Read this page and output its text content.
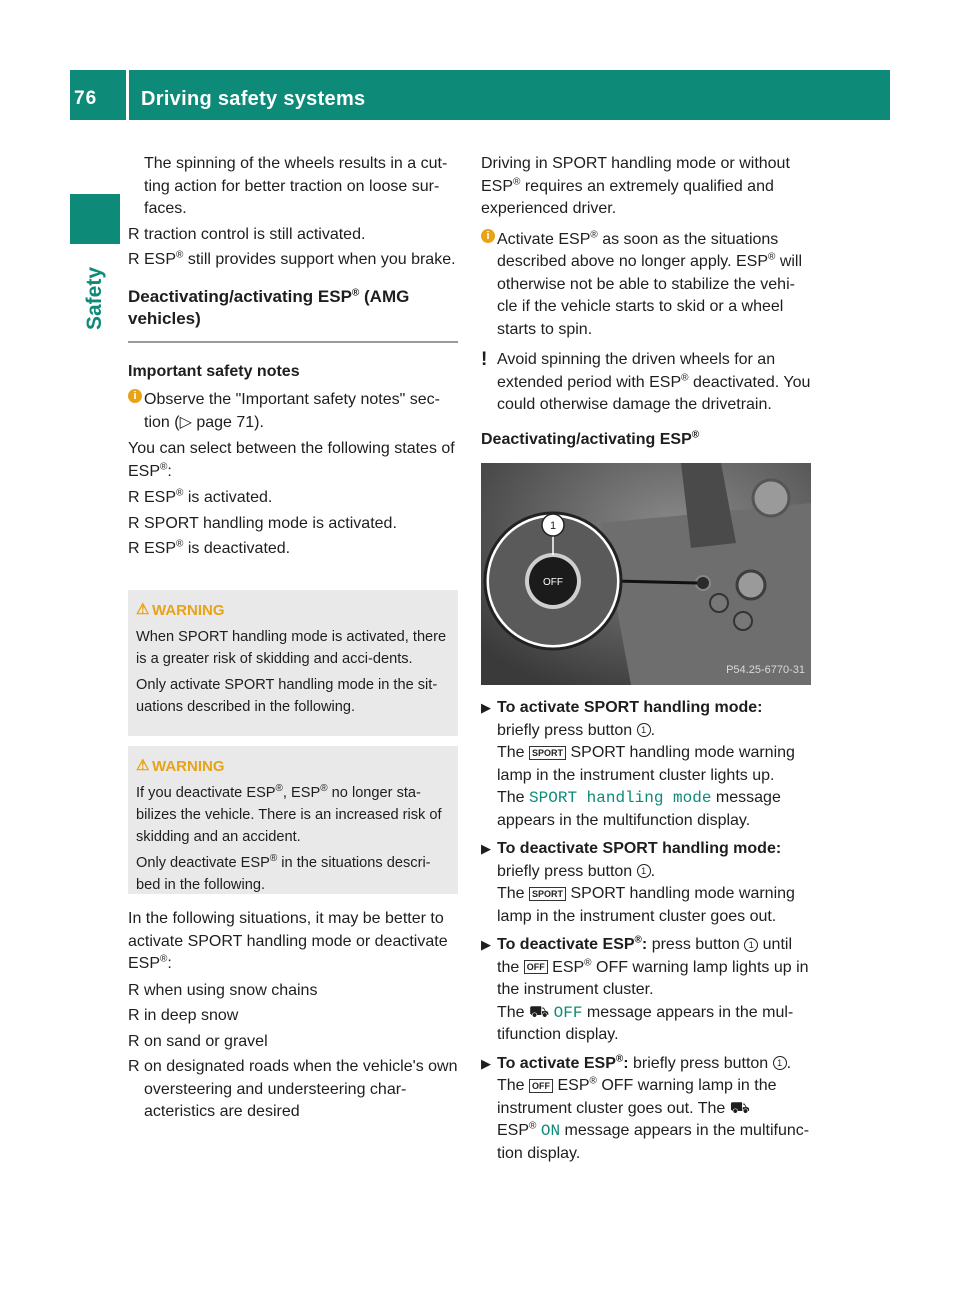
76	Driving safety systems
Safety

The spinning of the wheels results in a cut-ting action for better traction on loose sur-faces.

R traction control is still activated.
R ESP® still provides support when you brake.
Deactivating/activating ESP® (AMG vehicles)
Important safety notes
i Observe the "Important safety notes" sec-tion (▷ page 71).

You can select between the following states of ESP®:

R ESP® is activated.
R SPORT handling mode is activated.
R ESP® is deactivated.
⚠ WARNING

When SPORT handling mode is activated, there is a greater risk of skidding and acci-dents.

Only activate SPORT handling mode in the sit-uations described in the following.

⚠ WARNING

If you deactivate ESP®, ESP® no longer sta-bilizes the vehicle. There is an increased risk of skidding and an accident.

Only deactivate ESP® in the situations descri-bed in the following.

In the following situations, it may be better to activate SPORT handling mode or deactivate ESP®:

R when using snow chains
R in deep snow
R on sand or gravel
R on designated roads when the vehicle's own oversteering and understeering char-acteristics are desired

Driving in SPORT handling mode or without ESP® requires an extremely qualified and experienced driver.

i Activate ESP® as soon as the situations described above no longer apply. ESP® will otherwise not be able to stabilize the vehi-cle if the vehicle starts to skid or a wheel starts to spin.
! Avoid spinning the driven wheels for an extended period with ESP® deactivated. You could otherwise damage the drivetrain.
Deactivating/activating ESP®
OFF
1
P54.25-6770-31
▶ To activate SPORT handling mode:
briefly press button 1 .
The SPORT SPORT handling mode warning lamp in the instrument cluster lights up.
The SPORT handling mode message appears in the multifunction display.
▶ To deactivate SPORT handling mode:
briefly press button 1 .
The SPORT SPORT handling mode warning lamp in the instrument cluster goes out.
▶ To deactivate ESP®: press button 1 until the OFF ESP® OFF warning lamp lights up in the instrument cluster.
The ⛟ OFF message appears in the mul-tifunction display.
▶ To activate ESP®: briefly press button 1 .
The OFF ESP® OFF warning lamp in the instrument cluster goes out. The ⛟
ESP® ON message appears in the multifunc-tion display.
